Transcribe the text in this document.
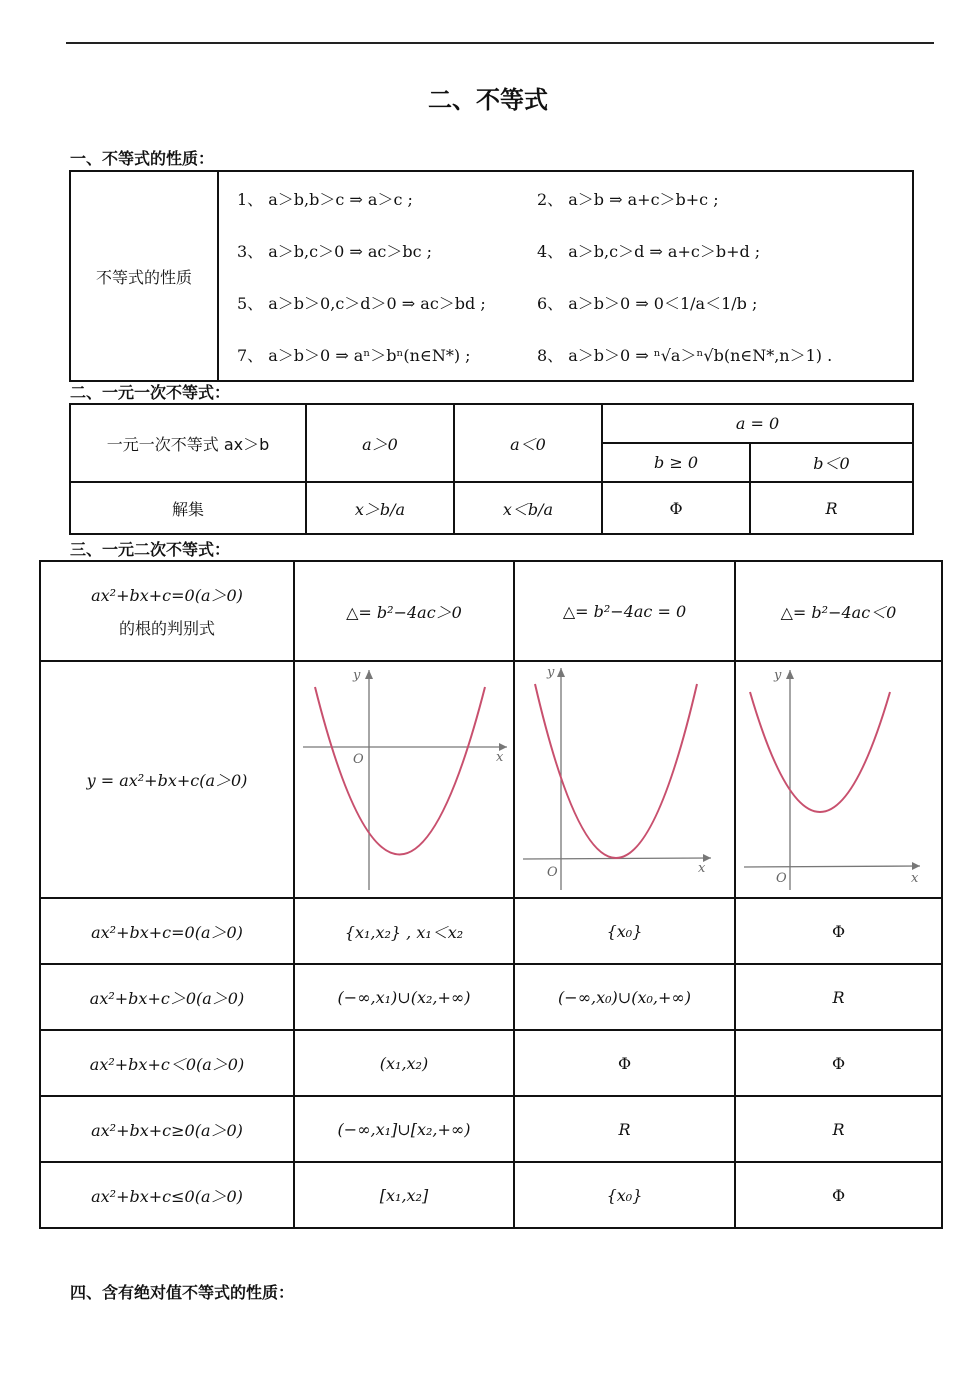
二、不等式
一、不等式的性质：
不等式的性质	
1、 a＞b,b＞c ⇒ a＞c ;	2、 a＞b ⇒ a+c＞b+c ;
3、 a＞b,c＞0 ⇒ ac＞bc ;	4、 a＞b,c＞d ⇒ a+c＞b+d ;
5、 a＞b＞0,c＞d＞0 ⇒ ac＞bd ;	6、 a＞b＞0 ⇒ 0＜1/a＜1/b ;
7、 a＞b＞0 ⇒ aⁿ＞bⁿ(n∈N*) ;	8、 a＞b＞0 ⇒ ⁿ√a＞ⁿ√b(n∈N*,n＞1) .
二、一元一次不等式：
一元一次不等式 ax＞b	a＞0	a＜0	a = 0	
			b ≥ 0	b＜0
解集	x＞b/a	x＜b/a	Φ	R
三、一元二次不等式：
ax²+bx+c=0(a＞0)
的根的判别式	△= b²−4ac＞0	△= b²−4ac = 0	△= b²−4ac＜0
y = ax²+bx+c(a＞0)	y
x
O	y
x
O	y
x
O

ax²+bx+c=0(a＞0)	{x₁,x₂} , x₁＜x₂	{x₀}	Φ
ax²+bx+c＞0(a＞0)	(−∞,x₁)∪(x₂,+∞)	(−∞,x₀)∪(x₀,+∞)	R
ax²+bx+c＜0(a＞0)	(x₁,x₂)	Φ	Φ
ax²+bx+c≥0(a＞0)	(−∞,x₁]∪[x₂,+∞)	R	R
ax²+bx+c≤0(a＞0)	[x₁,x₂]	{x₀}	Φ
四、含有绝对值不等式的性质：
